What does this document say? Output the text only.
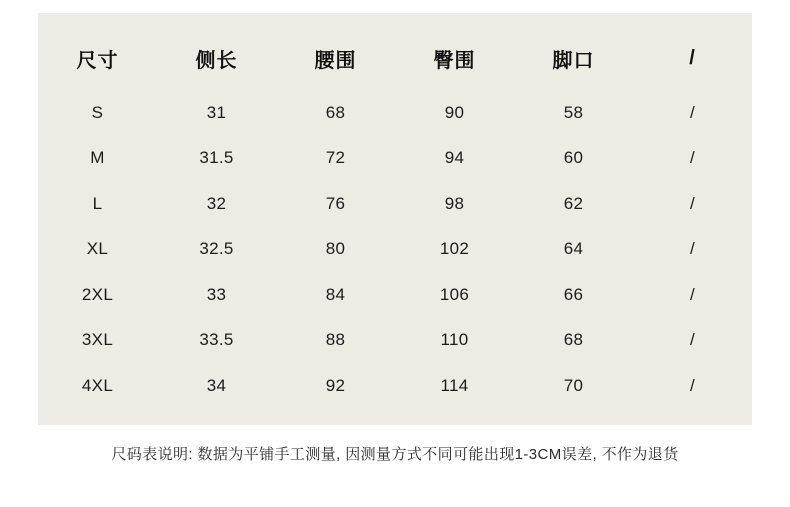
尺寸	侧长	腰围	臀围	脚口	/
S	31	68	90	58	/
M	31.5	72	94	60	/
L	32	76	98	62	/
XL	32.5	80	102	64	/
2XL	33	84	106	66	/
3XL	33.5	88	110	68	/
4XL	34	92	114	70	/
尺码表说明: 数据为平铺手工测量, 因测量方式不同可能出现1-3CM误差, 不作为退货
